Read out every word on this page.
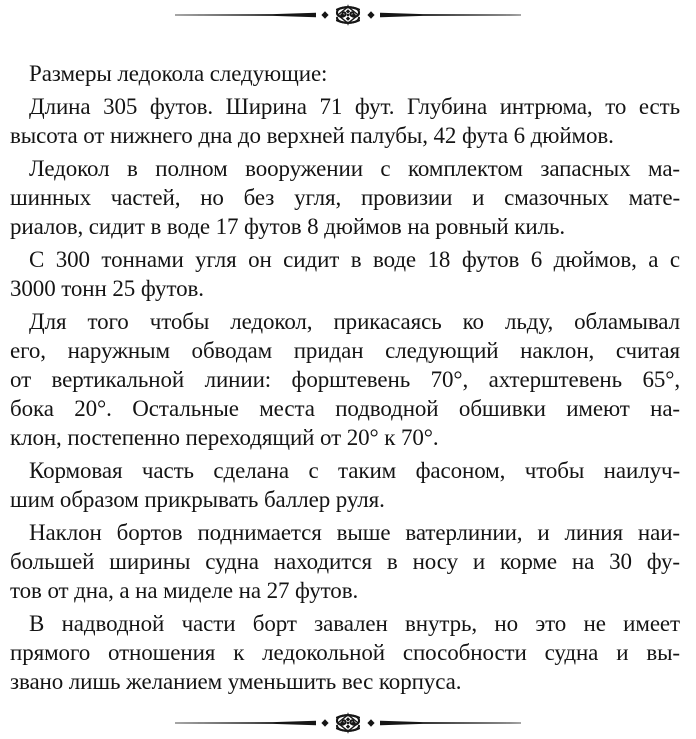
Размеры ледокола следующие:
Длина 305 футов. Ширина 71 фут. Глубина интрюма, то есть
высота от нижнего дна до верхней палубы, 42 фута 6 дюймов.
Ледокол в полном вооружении с комплектом запасных ма-
шинных частей, но без угля, провизии и смазочных мате-
риалов, сидит в воде 17 футов 8 дюймов на ровный киль.
С 300 тоннами угля он сидит в воде 18 футов 6 дюймов, а с
3000 тонн 25 футов.
Для того чтобы ледокол, прикасаясь ко льду, обламывал
его, наружным обводам придан следующий наклон, считая
от вертикальной линии: форштевень 70°, ахтерштевень 65°,
бока 20°. Остальные места подводной обшивки имеют на-
клон, постепенно переходящий от 20° к 70°.
Кормовая часть сделана с таким фасоном, чтобы наилуч-
шим образом прикрывать баллер руля.
Наклон бортов поднимается выше ватерлинии, и линия наи-
большей ширины судна находится в носу и корме на 30 фу-
тов от дна, а на миделе на 27 футов.
В надводной части борт завален внутрь, но это не имеет
прямого отношения к ледокольной способности судна и вы-
звано лишь желанием уменьшить вес корпуса.
